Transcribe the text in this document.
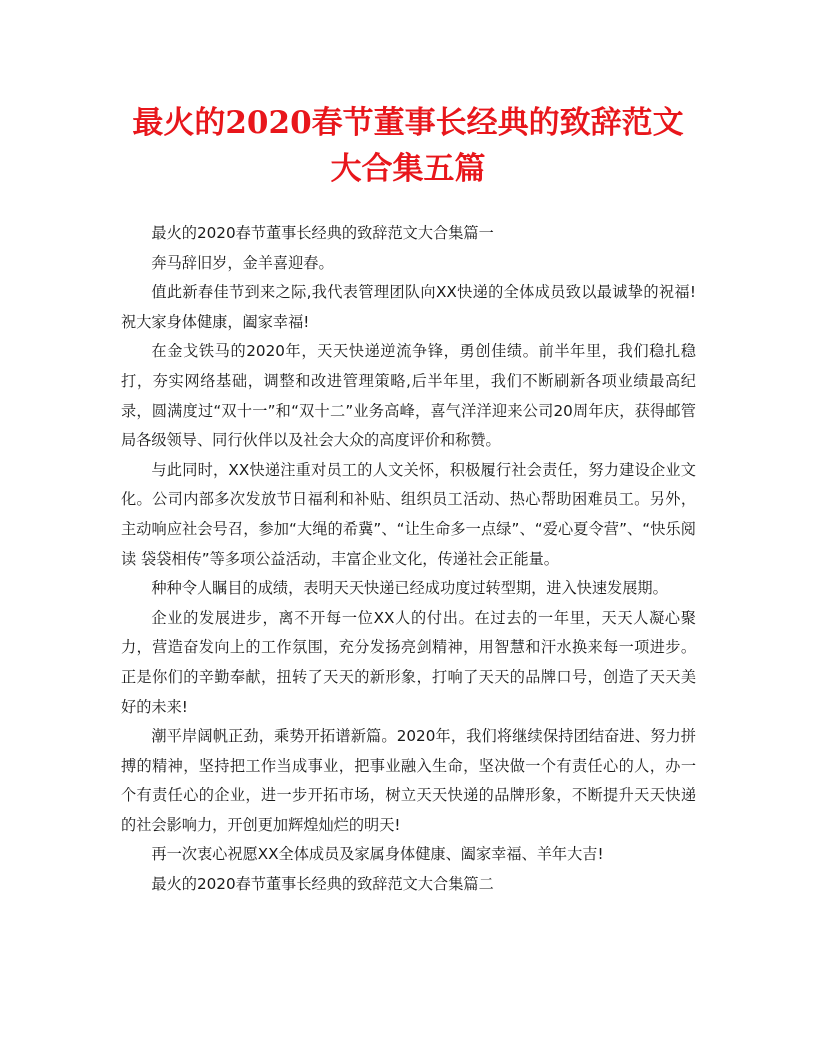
最火的2020春节董事长经典的致辞范文
大合集五篇

最火的2020春节董事长经典的致辞范文大合集篇一

奔马辞旧岁，金羊喜迎春。

值此新春佳节到来之际,我代表管理团队向XX快递的全体成员致以最诚挚的祝福!祝大家身体健康，阖家幸福!

在金戈铁马的2020年，天天快递逆流争锋，勇创佳绩。前半年里，我们稳扎稳打，夯实网络基础，调整和改进管理策略,后半年里，我们不断刷新各项业绩最高纪录，圆满度过“双十一”和“双十二”业务高峰，喜气洋洋迎来公司20周年庆，获得邮管局各级领导、同行伙伴以及社会大众的高度评价和称赞。

与此同时，XX快递注重对员工的人文关怀，积极履行社会责任，努力建设企业文化。公司内部多次发放节日福利和补贴、组织员工活动、热心帮助困难员工。另外，主动响应社会号召，参加“大绳的希冀”、“让生命多一点绿”、“爱心夏令营”、“快乐阅读 袋袋相传”等多项公益活动，丰富企业文化，传递社会正能量。

种种令人瞩目的成绩，表明天天快递已经成功度过转型期，进入快速发展期。

企业的发展进步，离不开每一位XX人的付出。在过去的一年里，天天人凝心聚力，营造奋发向上的工作氛围，充分发扬亮剑精神，用智慧和汗水换来每一项进步。正是你们的辛勤奉献，扭转了天天的新形象，打响了天天的品牌口号，创造了天天美好的未来!

潮平岸阔帆正劲，乘势开拓谱新篇。2020年，我们将继续保持团结奋进、努力拼搏的精神，坚持把工作当成事业，把事业融入生命，坚决做一个有责任心的人，办一个有责任心的企业，进一步开拓市场，树立天天快递的品牌形象，不断提升天天快递的社会影响力，开创更加辉煌灿烂的明天!

再一次衷心祝愿XX全体成员及家属身体健康、阖家幸福、羊年大吉!

最火的2020春节董事长经典的致辞范文大合集篇二
